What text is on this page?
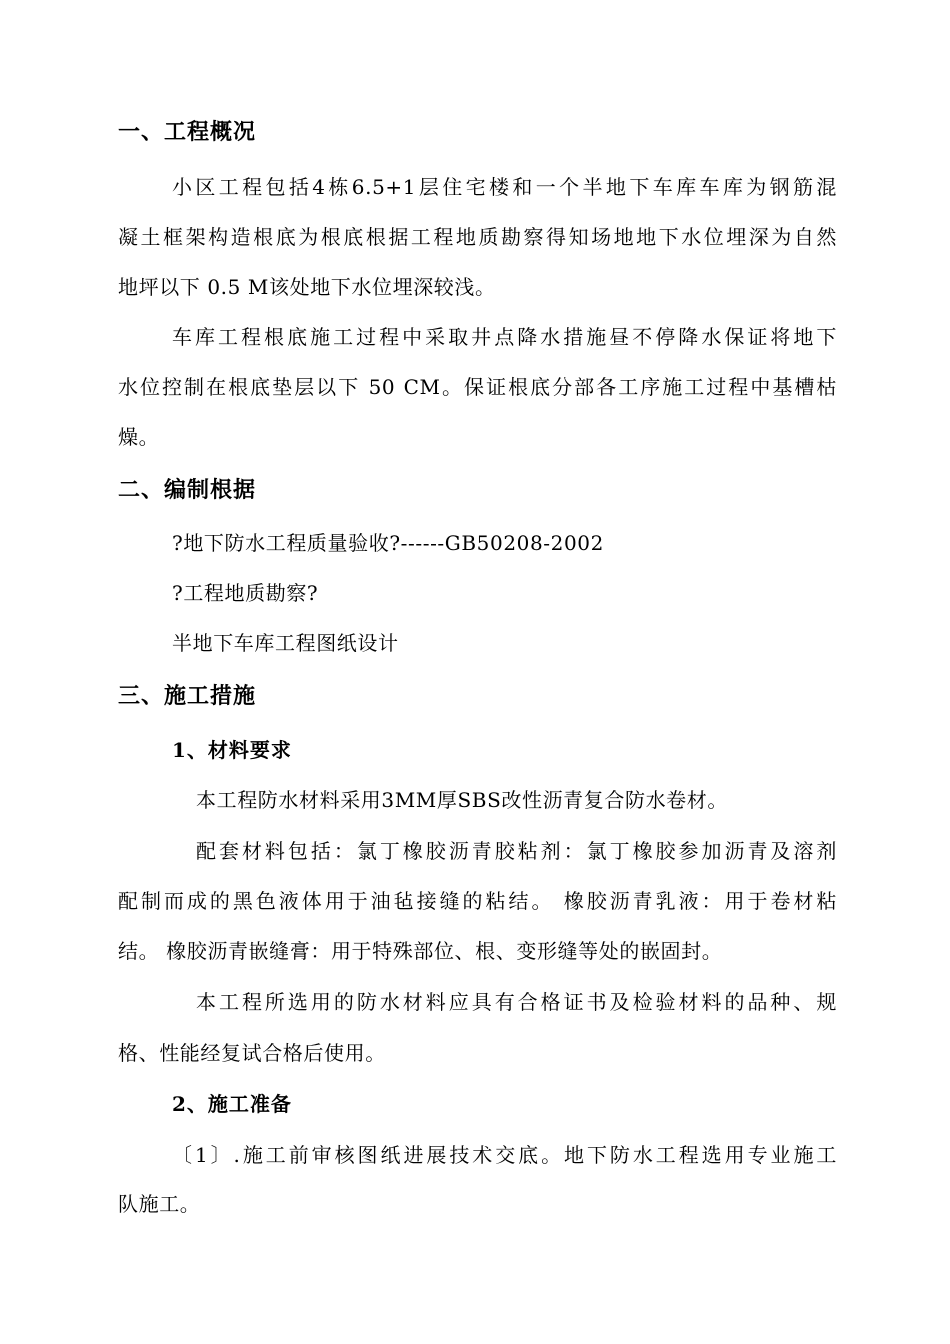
一、工程概况
小区工程包括4栋6.5+1层住宅楼和一个半地下车库车库为钢筋混
凝土框架构造根底为根底根据工程地质勘察得知场地地下水位埋深为自然
地坪以下 0.5 M该处地下水位埋深较浅。
车库工程根底施工过程中采取井点降水措施昼不停降水保证将地下
水位控制在根底垫层以下 50 CM。保证根底分部各工序施工过程中基槽枯
燥。
二、编制根据
?地下防水工程质量验收?------GB50208-2002
?工程地质勘察?
半地下车库工程图纸设计
三、施工措施
1、材料要求
本工程防水材料采用3MM厚SBS改性沥青复合防水卷材。
配套材料包括：氯丁橡胶沥青胶粘剂：氯丁橡胶参加沥青及溶剂
配制而成的黑色液体用于油毡接缝的粘结。 橡胶沥青乳液：用于卷材粘
结。 橡胶沥青嵌缝膏：用于特殊部位、根、变形缝等处的嵌固封。
本工程所选用的防水材料应具有合格证书及检验材料的品种、规
格、性能经复试合格后使用。
2、施工准备
〔1〕.施工前审核图纸进展技术交底。地下防水工程选用专业施工
队施工。
